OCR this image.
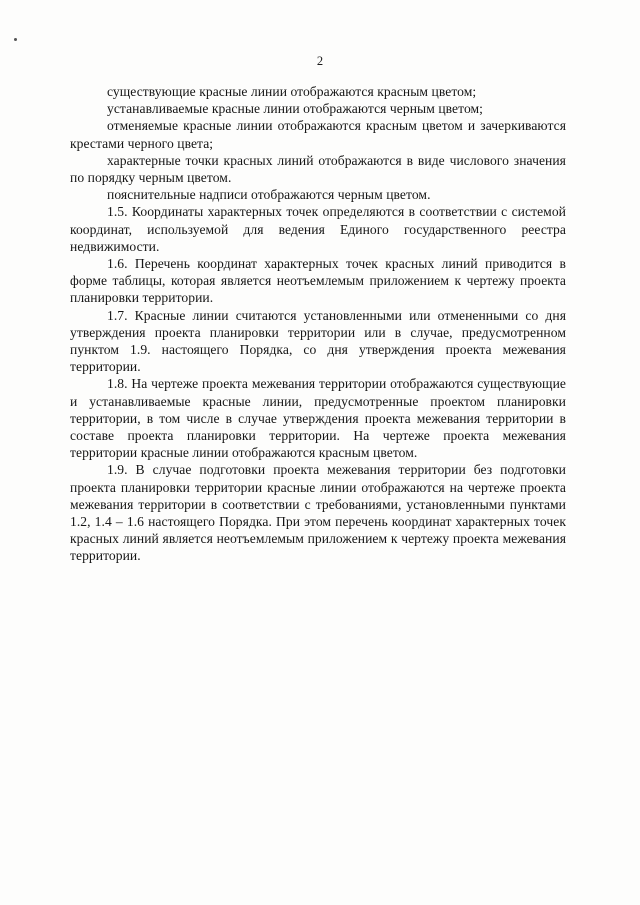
2

существующие красные линии отображаются красным цветом;

устанавливаемые красные линии отображаются черным цветом;

отменяемые красные линии отображаются красным цветом и зачеркиваются крестами черного цвета;

характерные точки красных линий отображаются в виде числового значения по порядку черным цветом.

пояснительные надписи отображаются черным цветом.

1.5. Координаты характерных точек определяются в соответствии с системой координат, используемой для ведения Единого государственного реестра недвижимости.

1.6. Перечень координат характерных точек красных линий приводится в форме таблицы, которая является неотъемлемым приложением к чертежу проекта планировки территории.

1.7. Красные линии считаются установленными или отмененными со дня утверждения проекта планировки территории или в случае, предусмотренном пунктом 1.9. настоящего Порядка, со дня утверждения проекта межевания территории.

1.8. На чертеже проекта межевания территории отображаются существующие и устанавливаемые красные линии, предусмотренные проектом планировки территории, в том числе в случае утверждения проекта межевания территории в составе проекта планировки территории. На чертеже проекта межевания территории красные линии отображаются красным цветом.

1.9. В случае подготовки проекта межевания территории без подготовки проекта планировки территории красные линии отображаются на чертеже проекта межевания территории в соответствии с требованиями, установленными пунктами 1.2, 1.4 – 1.6 настоящего Порядка. При этом перечень координат характерных точек красных линий является неотъемлемым приложением к чертежу проекта межевания территории.
